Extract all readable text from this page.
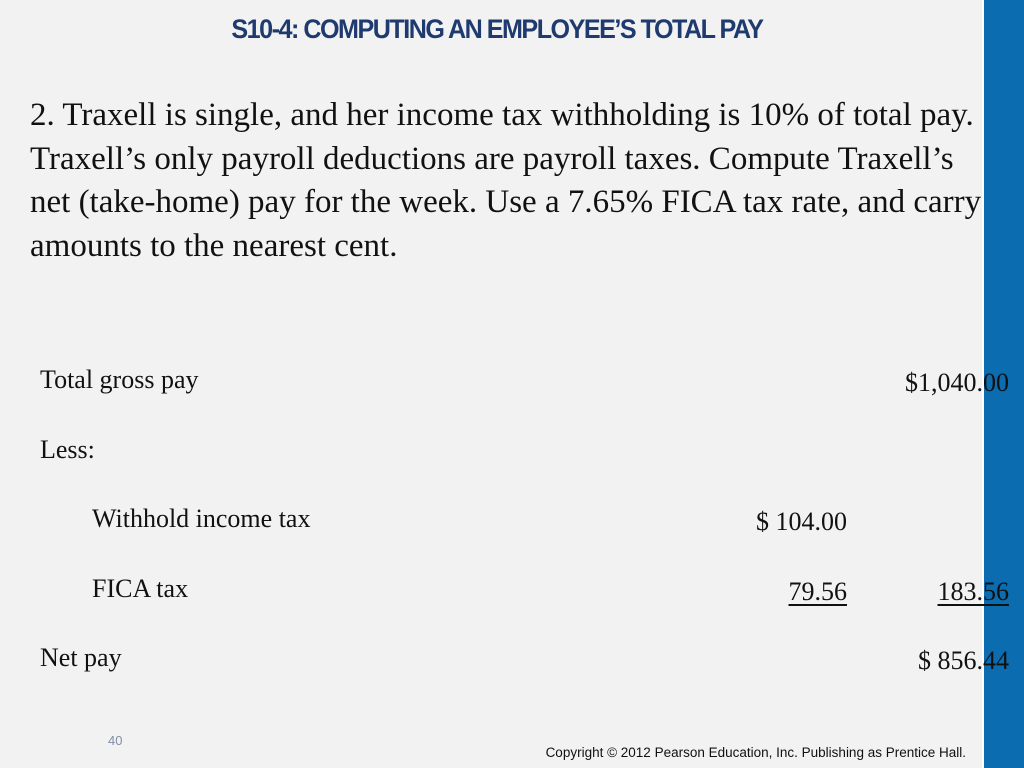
S10-4: COMPUTING AN EMPLOYEE’S TOTAL PAY
2. Traxell is single, and her income tax withholding is 10% of total pay. Traxell’s only payroll deductions are payroll taxes. Compute Traxell’s net (take-home) pay for the week. Use a 7.65% FICA tax rate, and carry amounts to the nearest cent.
Total gross pay		$1,040.00
Less:		
Withhold income tax	$ 104.00	
FICA tax	79.56	183.56
Net pay		$ 856.44
40
Copyright © 2012 Pearson Education, Inc. Publishing as Prentice Hall.
